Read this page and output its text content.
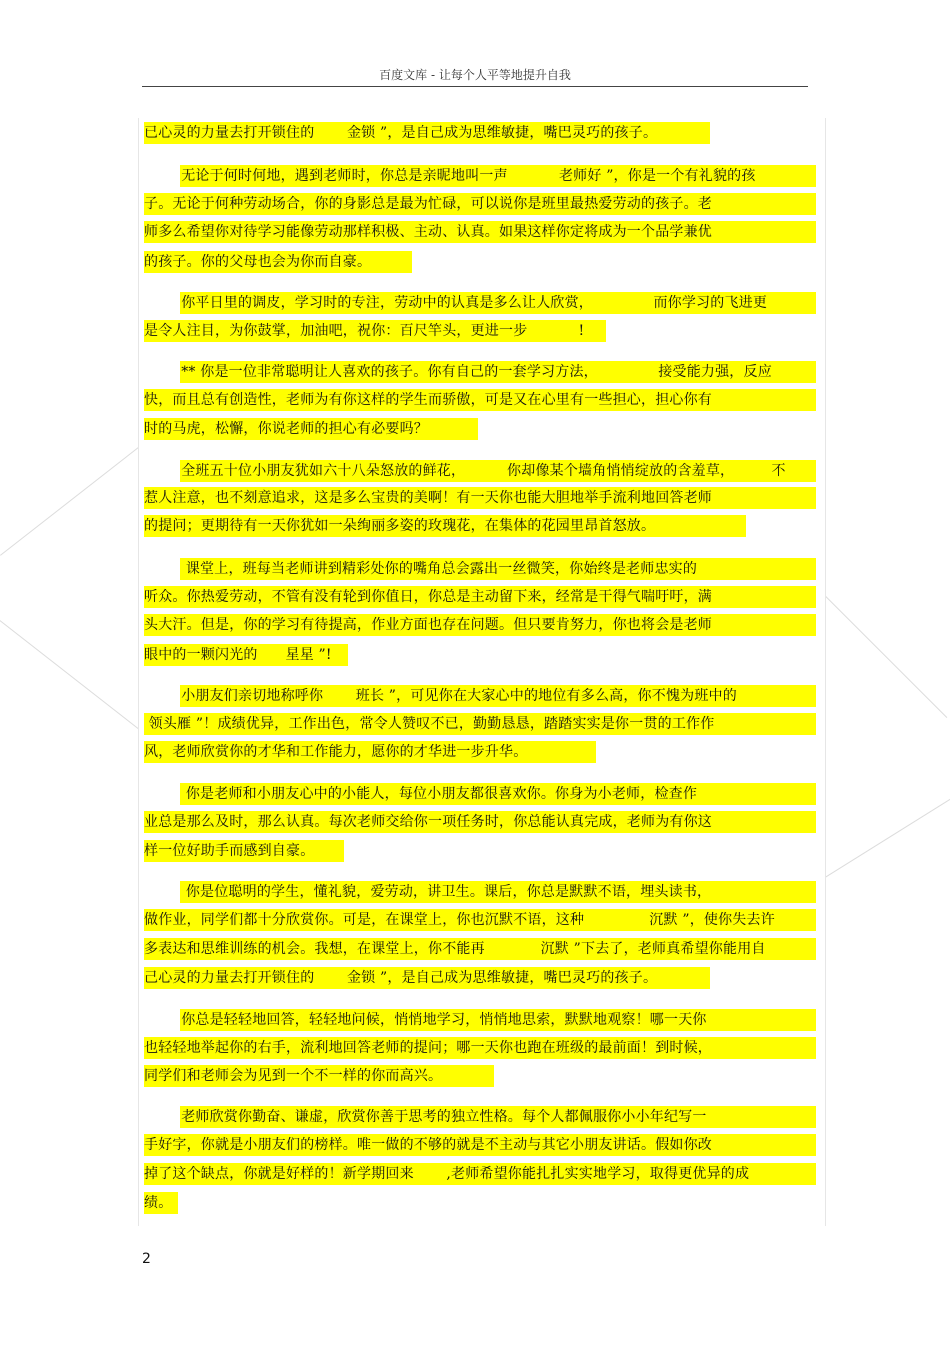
百度文库 - 让每个人平等地提升自我
已心灵的力量去打开锁住的       金锁 ”，是自己成为思维敏捷，嘴巴灵巧的孩子。
无论于何时何地，遇到老师时，你总是亲昵地叫一声           老师好 ”，你是一个有礼貌的孩
子。无论于何种劳动场合，你的身影总是最为忙碌，可以说你是班里最热爱劳动的孩子。老
师多么希望你对待学习能像劳动那样积极、主动、认真。如果这样你定将成为一个品学兼优
的孩子。你的父母也会为你而自豪。
你平日里的调皮，学习时的专注，劳动中的认真是多么让人欣赏，             而你学习的飞进更
是令人注目，为你鼓掌，加油吧，祝你：百尺竿头，更进一步           !
** 你是一位非常聪明让人喜欢的孩子。你有自己的一套学习方法，             接受能力强，反应
快，而且总有创造性，老师为有你这样的学生而骄傲，可是又在心里有一些担心，担心你有
时的马虎，松懈，你说老师的担心有必要吗？
全班五十位小朋友犹如六十八朵怒放的鲜花，         你却像某个墙角悄悄绽放的含羞草，        不
惹人注意，也不刻意追求，这是多么宝贵的美啊！有一天你也能大胆地举手流利地回答老师
的提问；更期待有一天你犹如一朵绚丽多姿的玫瑰花，在集体的花园里昂首怒放。
课堂上，班每当老师讲到精彩处你的嘴角总会露出一丝微笑，你始终是老师忠实的
听众。你热爱劳动，不管有没有轮到你值日，你总是主动留下来，经常是干得气喘吁吁，满
头大汗。但是，你的学习有待提高，作业方面也存在问题。但只要肯努力，你也将会是老师
眼中的一颗闪光的      星星 ”!
小朋友们亲切地称呼你       班长 ”，可见你在大家心中的地位有多么高，你不愧为班中的
领头雁 ”！成绩优异，工作出色，常令人赞叹不已，勤勤恳恳，踏踏实实是你一贯的工作作
风，老师欣赏你的才华和工作能力，愿你的才华进一步升华。
你是老师和小朋友心中的小能人，每位小朋友都很喜欢你。你身为小老师，检查作
业总是那么及时，那么认真。每次老师交给你一项任务时，你总能认真完成，老师为有你这
样一位好助手而感到自豪。
你是位聪明的学生，懂礼貌，爱劳动，讲卫生。课后，你总是默默不语，埋头读书，
做作业，同学们都十分欣赏你。可是，在课堂上，你也沉默不语，这种              沉默 ”，使你失去许
多表达和思维训练的机会。我想，在课堂上，你不能再            沉默 ”下去了，老师真希望你能用自
己心灵的力量去打开锁住的       金锁 ”，是自己成为思维敏捷，嘴巴灵巧的孩子。
你总是轻轻地回答，轻轻地问候，悄悄地学习，悄悄地思索，默默地观察！哪一天你
也轻轻地举起你的右手，流利地回答老师的提问；哪一天你也跑在班级的最前面！到时候，
同学们和老师会为见到一个不一样的你而高兴。
老师欣赏你勤奋、谦虚，欣赏你善于思考的独立性格。每个人都佩服你小小年纪写一
手好字，你就是小朋友们的榜样。唯一做的不够的就是不主动与其它小朋友讲话。假如你改
掉了这个缺点，你就是好样的！新学期回来       ,老师希望你能扎扎实实地学习，取得更优异的成
绩。
2
